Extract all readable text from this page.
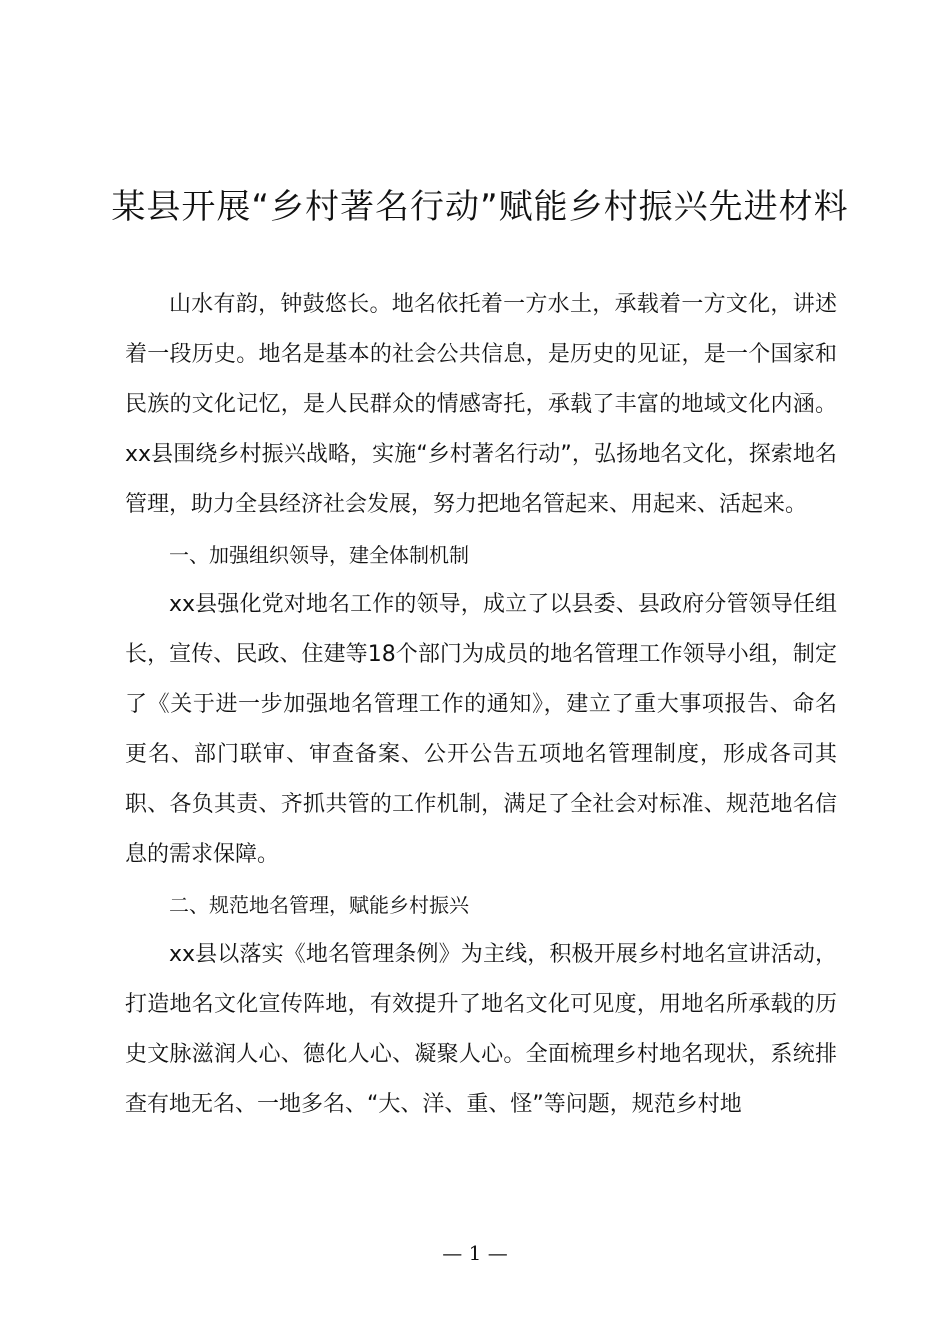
某县开展“乡村著名行动”赋能乡村振兴先进材料

山水有韵，钟鼓悠长。地名依托着一方水土，承载着一方文化，讲述着一段历史。地名是基本的社会公共信息，是历史的见证，是一个国家和民族的文化记忆，是人民群众的情感寄托，承载了丰富的地域文化内涵。xx县围绕乡村振兴战略，实施“乡村著名行动”，弘扬地名文化，探索地名管理，助力全县经济社会发展，努力把地名管起来、用起来、活起来。

一、加强组织领导，建全体制机制

xx县强化党对地名工作的领导，成立了以县委、县政府分管领导任组长，宣传、民政、住建等18个部门为成员的地名管理工作领导小组，制定了《关于进一步加强地名管理工作的通知》，建立了重大事项报告、命名更名、部门联审、审查备案、公开公告五项地名管理制度，形成各司其职、各负其责、齐抓共管的工作机制，满足了全社会对标准、规范地名信息的需求保障。

二、规范地名管理，赋能乡村振兴

xx县以落实《地名管理条例》为主线，积极开展乡村地名宣讲活动，打造地名文化宣传阵地，有效提升了地名文化可见度，用地名所承载的历史文脉滋润人心、德化人心、凝聚人心。全面梳理乡村地名现状，系统排查有地无名、一地多名、“大、洋、重、怪”等问题，规范乡村地

— 1 —
